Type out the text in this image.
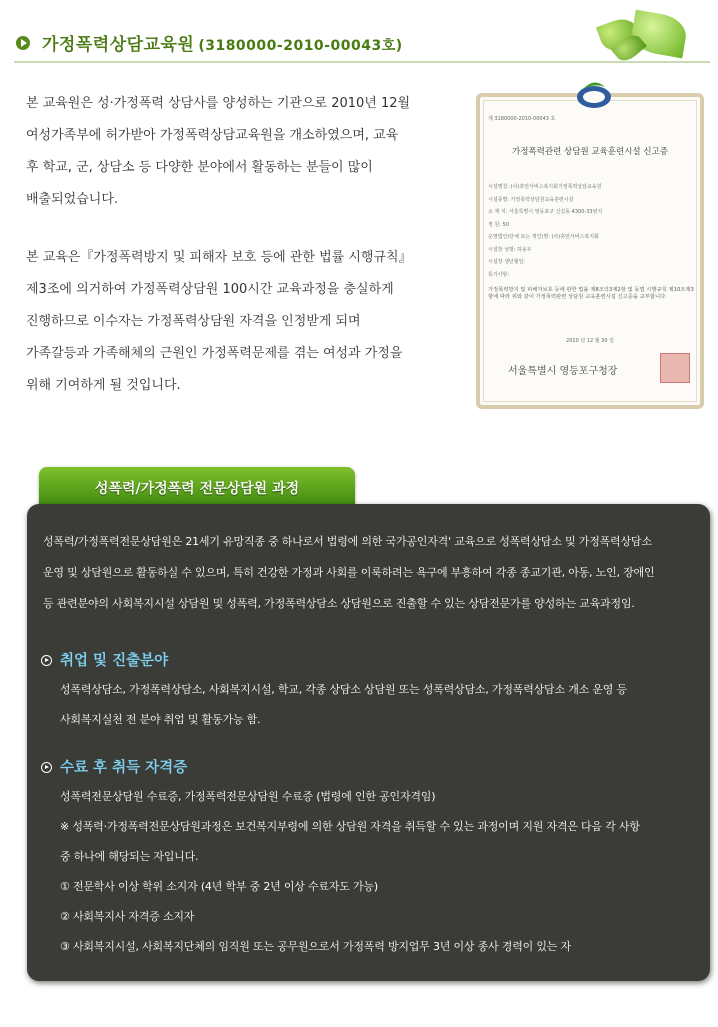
가정폭력상담교육원 (3180000-2010-00043호)

본 교육원은 성·가정폭력 상담사를 양성하는 기관으로 2010년 12월

여성가족부에 허가받아 가정폭력상담교육원을 개소하였으며, 교육

후 학교, 군, 상담소 등 다양한 분야에서 활동하는 분들이 많이

배출되었습니다.

본 교육은『가정폭력방지 및 피해자 보호 등에 관한 법률 시행규칙』

제3조에 의거하여 가정폭력상담원 100시간 교육과정을 충실하게

진행하므로 이수자는 가정폭력상담원 자격을 인정받게 되며

가족갈등과 가족해체의 근원인 가정폭력문제를 겪는 여성과 가정을

위해 기여하게 될 것입니다.

제 3180000-2010-00043 호
가정폭력관련 상담원 교육훈련시설 신고증
시설명칭: (사)휴먼서비스복지회가정폭력상담교육원
시설종별: 가정폭력상담원교육훈련시설
소 재 지: 서울특별시 영등포구 신길동 4300-33번지
정 원: 50
운영법인(단체 또는 개인)명: (사)휴먼서비스복지회
시설장 성명: 허용우
시설장 생년월일:
특기사항:
가정폭력방지 및 피해자보호 등에 관한 법률 제8조의3제2항 및 동법 시행규칙 제10조제3항에 따라 위와 같이 가정폭력관련 상담원 교육훈련시설 신고증을 교부합니다.
2010 년 12 월 30 일
서울특별시 영등포구청장
성폭력/가정폭력 전문상담원 과정

성폭력/가정폭력전문상담원은 21세기 유망직종 중 하나로서 법령에 의한 국가공인자격' 교육으로 성폭력상담소 및 가정폭력상담소

운영 및 상담원으로 활동하실 수 있으며, 특히 건강한 가정과 사회를 이룩하려는 욕구에 부흥하여 각종 종교기관, 아동, 노인, 장애인

등 관련분야의 사회복지시설 상담원 및 성폭력, 가정폭력상담소 상담원으로 진출할 수 있는 상담전문가를 양성하는 교육과정임.

취업 및 진출분야

성폭력상담소, 가정폭력상담소, 사회복지시설, 학교, 각종 상담소 상담원 또는 성폭력상담소, 가정폭력상담소 개소 운영 등

사회복지실천 전 분야 취업 및 활동가능 함.

수료 후 취득 자격증

성폭력전문상담원 수료증, 가정폭력전문상담원 수료증 (법령에 인한 공인자격임)

※ 성폭력·가정폭력전문상담원과정은 보건복지부령에 의한 상담원 자격을 취득할 수 있는 과정이며 지원 자격은 다음 각 사항

중 하나에 해당되는 자입니다.

① 전문학사 이상 학위 소지자 (4년 학부 중 2년 이상 수료자도 가능)

② 사회복지사 자격증 소지자

③ 사회복지시설, 사회복지단체의 임직원 또는 공무원으로서 가정폭력 방지업무 3년 이상 종사 경력이 있는 자
